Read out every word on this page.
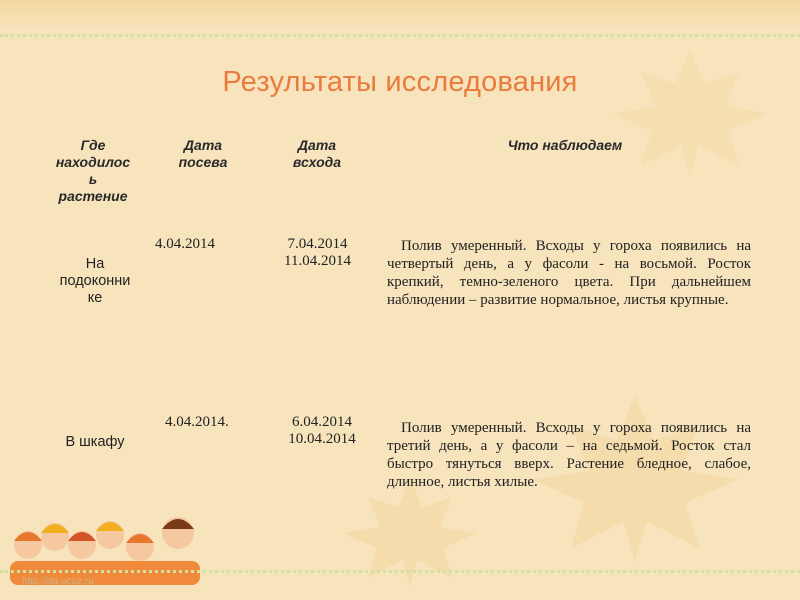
Результаты исследования
Где
находилос
ь
растение
Дата
посева
Дата
всхода
Что наблюдаем
На
подоконни
ке
4.04.2014	7.04.2014
11.04.2014
Полив умеренный. Всходы у гороха появились на четвертый день, а у фасоли - на восьмой. Росток крепкий, темно-зеленого цвета. При дальнейшем наблюдении – развитие нормальное, листья крупные.
В шкафу
4.04.2014.	6.04.2014
10.04.2014
Полив умеренный. Всходы у гороха появились на третий день, а у фасоли – на седьмой. Росток стал быстро тянуться вверх. Растение бледное, слабое, длинное, листья хилые.
http://da.ucoz.ru
